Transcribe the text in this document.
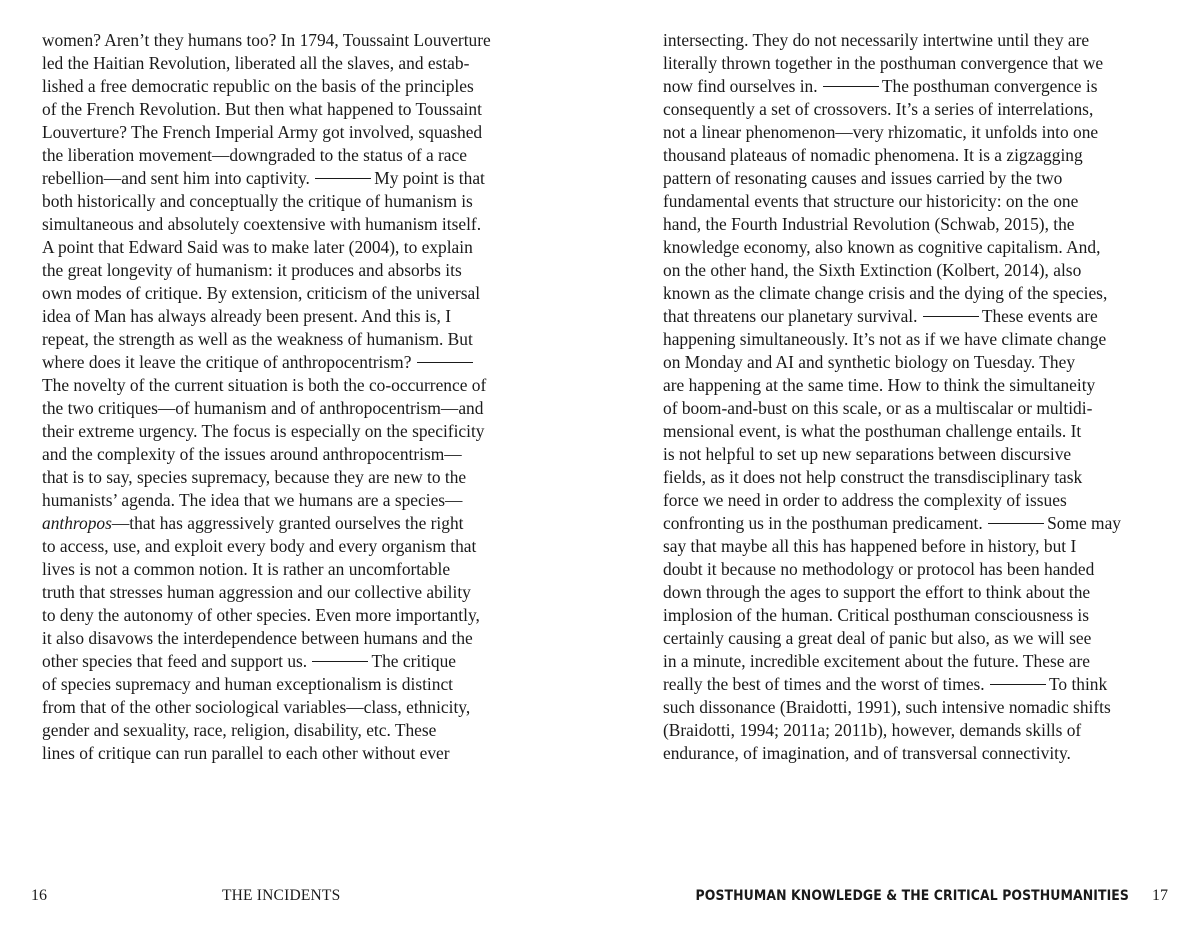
women? Aren’t they humans too? In 1794, Toussaint Louverture
led the Haitian Revolution, liberated all the slaves, and estab-
lished a free democratic republic on the basis of the principles
of the French Revolution. But then what happened to Toussaint
Louverture? The French Imperial Army got involved, squashed
the liberation movement—downgraded to the status of a race
rebellion—and sent him into captivity.	My point is that
both historically and conceptually the critique of humanism is
simultaneous and absolutely coextensive with humanism itself.
A point that Edward Said was to make later (2004), to explain
the great longevity of humanism: it produces and absorbs its
own modes of critique. By extension, criticism of the universal
idea of Man has always already been present. And this is, I
repeat, the strength as well as the weakness of humanism. But
where does it leave the critique of anthropocentrism?
The novelty of the current situation is both the co-occurrence of
the two critiques—of humanism and of anthropocentrism—and
their extreme urgency. The focus is especially on the specificity
and the complexity of the issues around anthropocentrism—
that is to say, species supremacy, because they are new to the
humanists’ agenda. The idea that we humans are a species—
anthropos—that has aggressively granted ourselves the right
to access, use, and exploit every body and every organism that
lives is not a common notion. It is rather an uncomfortable
truth that stresses human aggression and our collective ability
to deny the autonomy of other species. Even more importantly,
it also disavows the interdependence between humans and the
other species that feed and support us.	The critique
of species supremacy and human exceptionalism is distinct
from that of the other sociological variables—class, ethnicity,
gender and sexuality, race, religion, disability, etc. These
lines of critique can run parallel to each other without ever
16	THE INCIDENTS
intersecting. They do not necessarily intertwine until they are
literally thrown together in the posthuman convergence that we
now find ourselves in.	The posthuman convergence is
consequently a set of crossovers. It’s a series of interrelations,
not a linear phenomenon—very rhizomatic, it unfolds into one
thousand plateaus of nomadic phenomena. It is a zigzagging
pattern of resonating causes and issues carried by the two
fundamental events that structure our historicity: on the one
hand, the Fourth Industrial Revolution (Schwab, 2015), the
knowledge economy, also known as cognitive capitalism. And,
on the other hand, the Sixth Extinction (Kolbert, 2014), also
known as the climate change crisis and the dying of the species,
that threatens our planetary survival.	These events are
happening simultaneously. It’s not as if we have climate change
on Monday and AI and synthetic biology on Tuesday. They
are happening at the same time. How to think the simultaneity
of boom-and-bust on this scale, or as a multiscalar or multidi-
mensional event, is what the posthuman challenge entails. It
is not helpful to set up new separations between discursive
fields, as it does not help construct the transdisciplinary task
force we need in order to address the complexity of issues
confronting us in the posthuman predicament.	Some may
say that maybe all this has happened before in history, but I
doubt it because no methodology or protocol has been handed
down through the ages to support the effort to think about the
implosion of the human. Critical posthuman consciousness is
certainly causing a great deal of panic but also, as we will see
in a minute, incredible excitement about the future. These are
really the best of times and the worst of times.	To think
such dissonance (Braidotti, 1991), such intensive nomadic shifts
(Braidotti, 1994; 2011a; 2011b), however, demands skills of
endurance, of imagination, and of transversal connectivity.
POSTHUMAN KNOWLEDGE & THE CRITICAL POSTHUMANITIES 17
